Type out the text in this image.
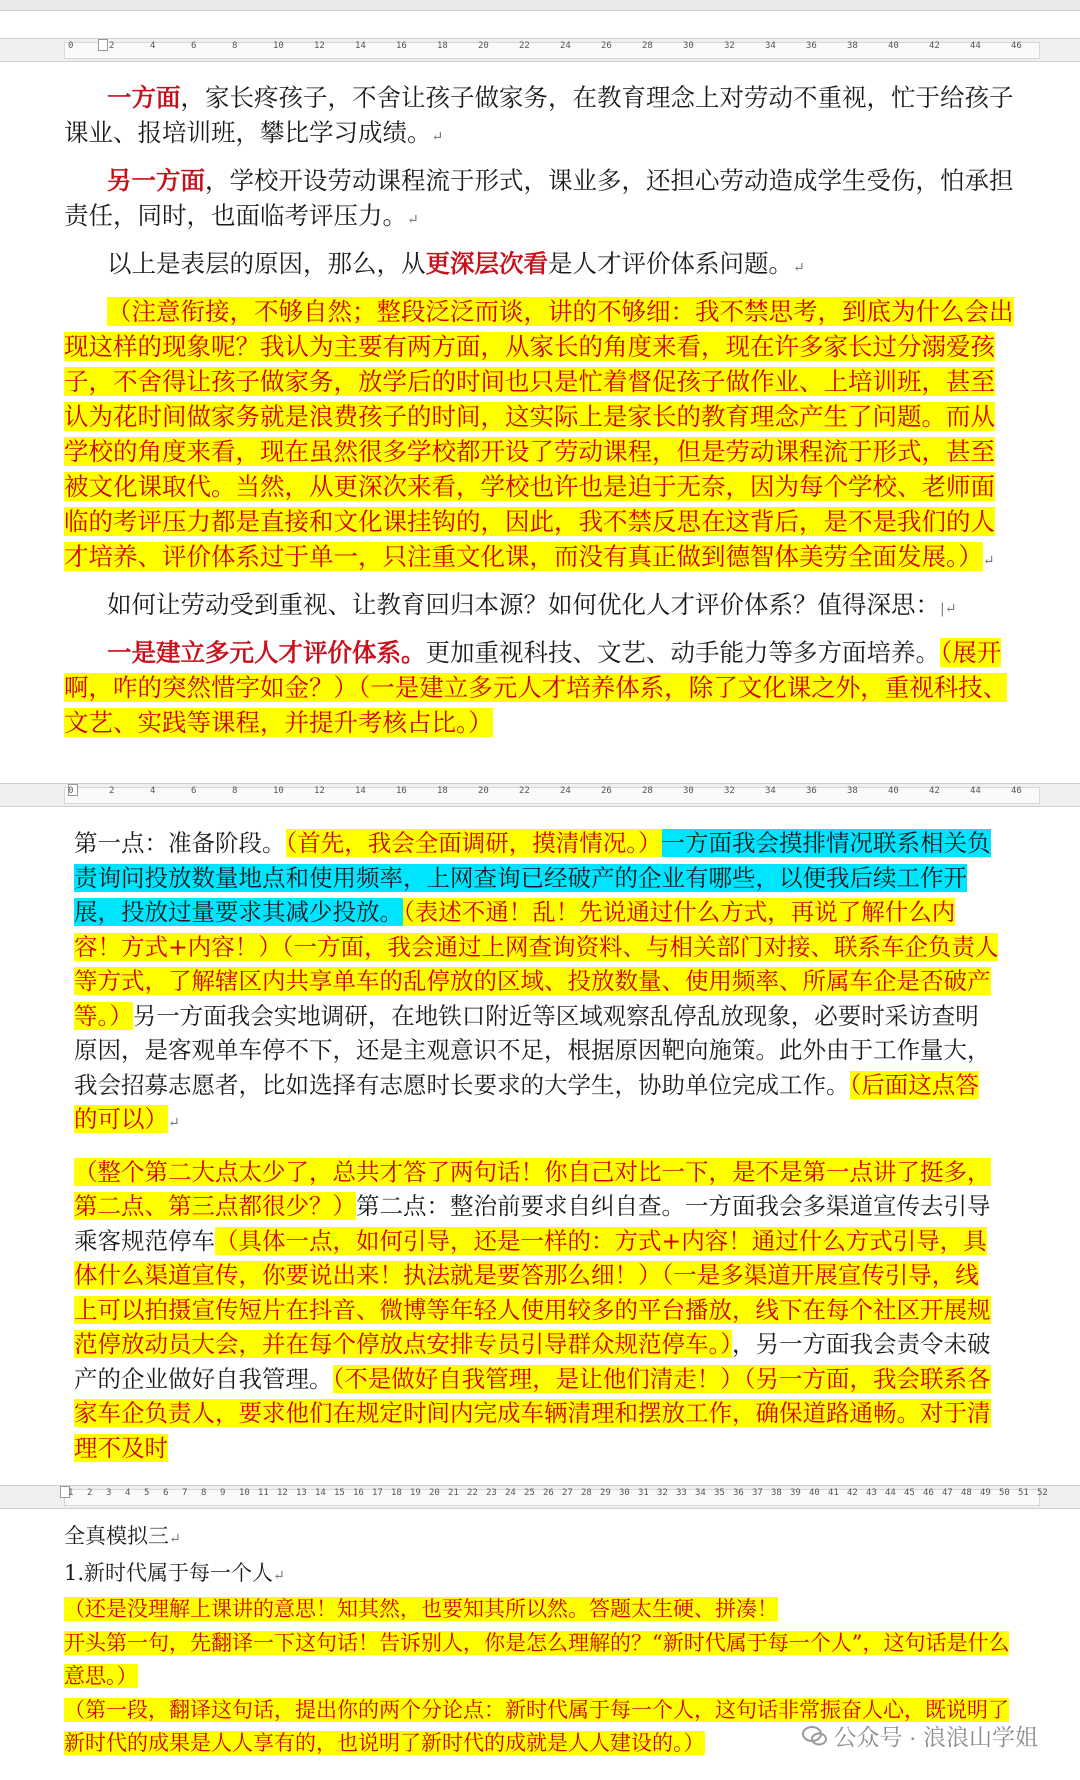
0	2	4	6	8	10	12	14	16	18	20	22	24	26	28	30	32	34	36	38	40	42	44	46

一方面，家长疼孩子，不舍让孩子做家务，在教育理念上对劳动不重视，忙于给孩子课业、报培训班，攀比学习成绩。↵

另一方面，学校开设劳动课程流于形式，课业多，还担心劳动造成学生受伤，怕承担责任，同时，也面临考评压力。↵

以上是表层的原因，那么，从更深层次看是人才评价体系问题。↵

（注意衔接，不够自然；整段泛泛而谈，讲的不够细：我不禁思考，到底为什么会出现这样的现象呢？我认为主要有两方面，从家长的角度来看，现在许多家长过分溺爱孩子，不舍得让孩子做家务，放学后的时间也只是忙着督促孩子做作业、上培训班，甚至认为花时间做家务就是浪费孩子的时间，这实际上是家长的教育理念产生了问题。而从学校的角度来看，现在虽然很多学校都开设了劳动课程，但是劳动课程流于形式，甚至被文化课取代。当然，从更深次来看，学校也许也是迫于无奈，因为每个学校、老师面临的考评压力都是直接和文化课挂钩的，因此，我不禁反思在这背后，是不是我们的人才培养、评价体系过于单一，只注重文化课，而没有真正做到德智体美劳全面发展。）↵

如何让劳动受到重视、让教育回归本源？如何优化人才评价体系？值得深思：|↵

一是建立多元人才评价体系。更加重视科技、文艺、动手能力等多方面培养。（展开啊，咋的突然惜字如金？）（一是建立多元人才培养体系，除了文化课之外，重视科技、文艺、实践等课程，并提升考核占比。）

0	2	4	6	8	10	12	14	16	18	20	22	24	26	28	30	32	34	36	38	40	42	44	46

第一点：准备阶段。（首先，我会全面调研，摸清情况。）一方面我会摸排情况联系相关负责询问投放数量地点和使用频率，上网查询已经破产的企业有哪些，以便我后续工作开展，投放过量要求其减少投放。（表述不通！乱！先说通过什么方式，再说了解什么内容！方式+内容！）（一方面，我会通过上网查询资料、与相关部门对接、联系车企负责人等方式，了解辖区内共享单车的乱停放的区域、投放数量、使用频率、所属车企是否破产等。）另一方面我会实地调研，在地铁口附近等区域观察乱停乱放现象，必要时采访查明原因，是客观单车停不下，还是主观意识不足，根据原因靶向施策。此外由于工作量大，我会招募志愿者，比如选择有志愿时长要求的大学生，协助单位完成工作。（后面这点答的可以）↵

（整个第二大点太少了，总共才答了两句话！你自己对比一下，是不是第一点讲了挺多，第二点、第三点都很少？）第二点：整治前要求自纠自查。一方面我会多渠道宣传去引导乘客规范停车（具体一点，如何引导，还是一样的：方式+内容！通过什么方式引导，具体什么渠道宣传，你要说出来！执法就是要答那么细！）（一是多渠道开展宣传引导，线上可以拍摄宣传短片在抖音、微博等年轻人使用较多的平台播放，线下在每个社区开展规范停放动员大会，并在每个停放点安排专员引导群众规范停车。），另一方面我会责令未破产的企业做好自我管理。（不是做好自我管理，是让他们清走！）（另一方面，我会联系各家车企负责人，要求他们在规定时间内完成车辆清理和摆放工作，确保道路通畅。对于清理不及时

1 2 3 4 5 6 7 8 9 10 11 12 13 14 15 16 17 18 19 20 21 22 23 24 25 26 27 28 29 30 31 32 33 34 35 36 37 38 39 40 41 42 43 44 45 46 47 48 49 50 51 52

全真模拟三↵

1.新时代属于每一个人↵

（还是没理解上课讲的意思！知其然，也要知其所以然。答题太生硬、拼凑！

开头第一句，先翻译一下这句话！告诉别人，你是怎么理解的？“新时代属于每一个人”，这句话是什么意思。）

（第一段，翻译这句话，提出你的两个分论点：新时代属于每一个人，这句话非常振奋人心，既说明了新时代的成果是人人享有的，也说明了新时代的成就是人人建设的。）	公众号 · 浪浪山学姐
